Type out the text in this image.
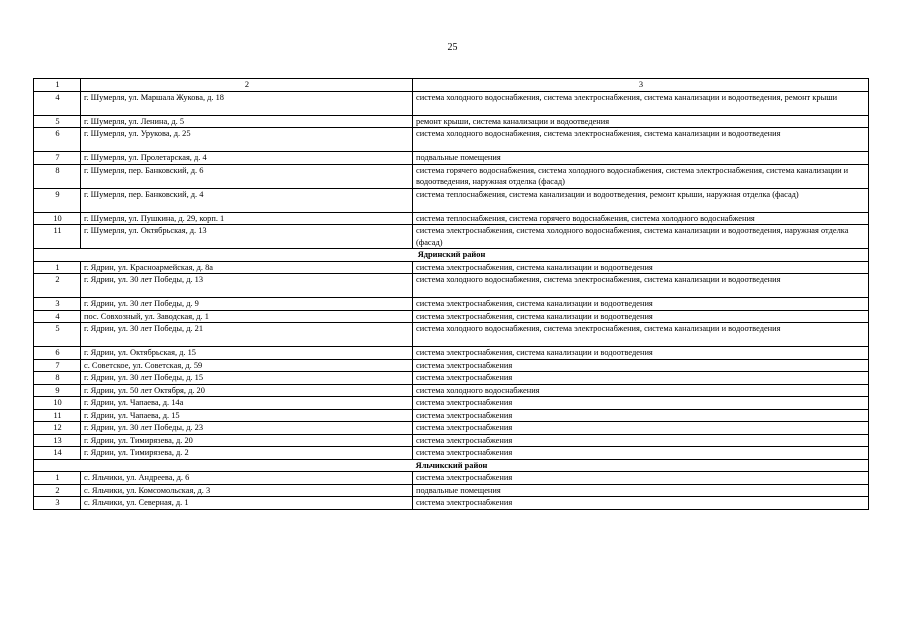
25
1	2	3
4	г. Шумерля, ул. Маршала Жукова, д. 18	система холодного водоснабжения, система электроснабжения, система канализации и водоотведения, ремонт крыши
5	г. Шумерля, ул. Ленина, д. 5	ремонт крыши, система канализации и водоотведения
6	г. Шумерля, ул. Урукова, д. 25	система холодного водоснабжения, система электроснабжения, система канализации и водоотведения
7	г. Шумерля, ул. Пролетарская, д. 4	подвальные помещения
8	г. Шумерля, пер. Банковский, д. 6	система горячего водоснабжения, система холодного водоснабжения, система электроснабжения, система канализации и водоотведения, наружная отделка (фасад)
9	г. Шумерля, пер. Банковский, д. 4	система теплоснабжения, система канализации и водоотведения, ремонт крыши, наружная отделка (фасад)
10	г. Шумерля, ул. Пушкина, д. 29, корп. 1	система теплоснабжения, система горячего водоснабжения, система холодного водоснабжения
11	г. Шумерля, ул. Октябрьская, д. 13	система электроснабжения, система холодного водоснабжения, система канализации и водоотведения, наружная отделка (фасад)
Ядринский район		
1	г. Ядрин, ул. Красноармейская, д. 8а	система электроснабжения, система канализации и водоотведения
2	г. Ядрин, ул. 30 лет Победы, д. 13	система холодного водоснабжения, система электроснабжения, система канализации и водоотведения
3	г. Ядрин, ул. 30 лет Победы, д. 9	система электроснабжения, система канализации и водоотведения
4	пос. Совхозный, ул. Заводская, д. 1	система электроснабжения, система канализации и водоотведения
5	г. Ядрин, ул. 30 лет Победы, д. 21	система холодного водоснабжения, система электроснабжения, система канализации и водоотведения
6	г. Ядрин, ул. Октябрьская, д. 15	система электроснабжения, система канализации и водоотведения
7	с. Советское, ул. Советская, д. 59	система электроснабжения
8	г. Ядрин, ул. 30 лет Победы, д. 15	система электроснабжения
9	г. Ядрин, ул. 50 лет Октября, д. 20	система холодного водоснабжения
10	г. Ядрин, ул. Чапаева, д. 14а	система электроснабжения
11	г. Ядрин, ул. Чапаева, д. 15	система электроснабжения
12	г. Ядрин, ул. 30 лет Победы, д. 23	система электроснабжения
13	г. Ядрин, ул. Тимирязева, д. 20	система электроснабжения
14	г. Ядрин, ул. Тимирязева, д. 2	система электроснабжения
Яльчикский район		
1	с. Яльчики, ул. Андреева, д. 6	система электроснабжения
2	с. Яльчики, ул. Комсомольская, д. 3	подвальные помещения
3	с. Яльчики, ул. Северная, д. 1	система электроснабжения
